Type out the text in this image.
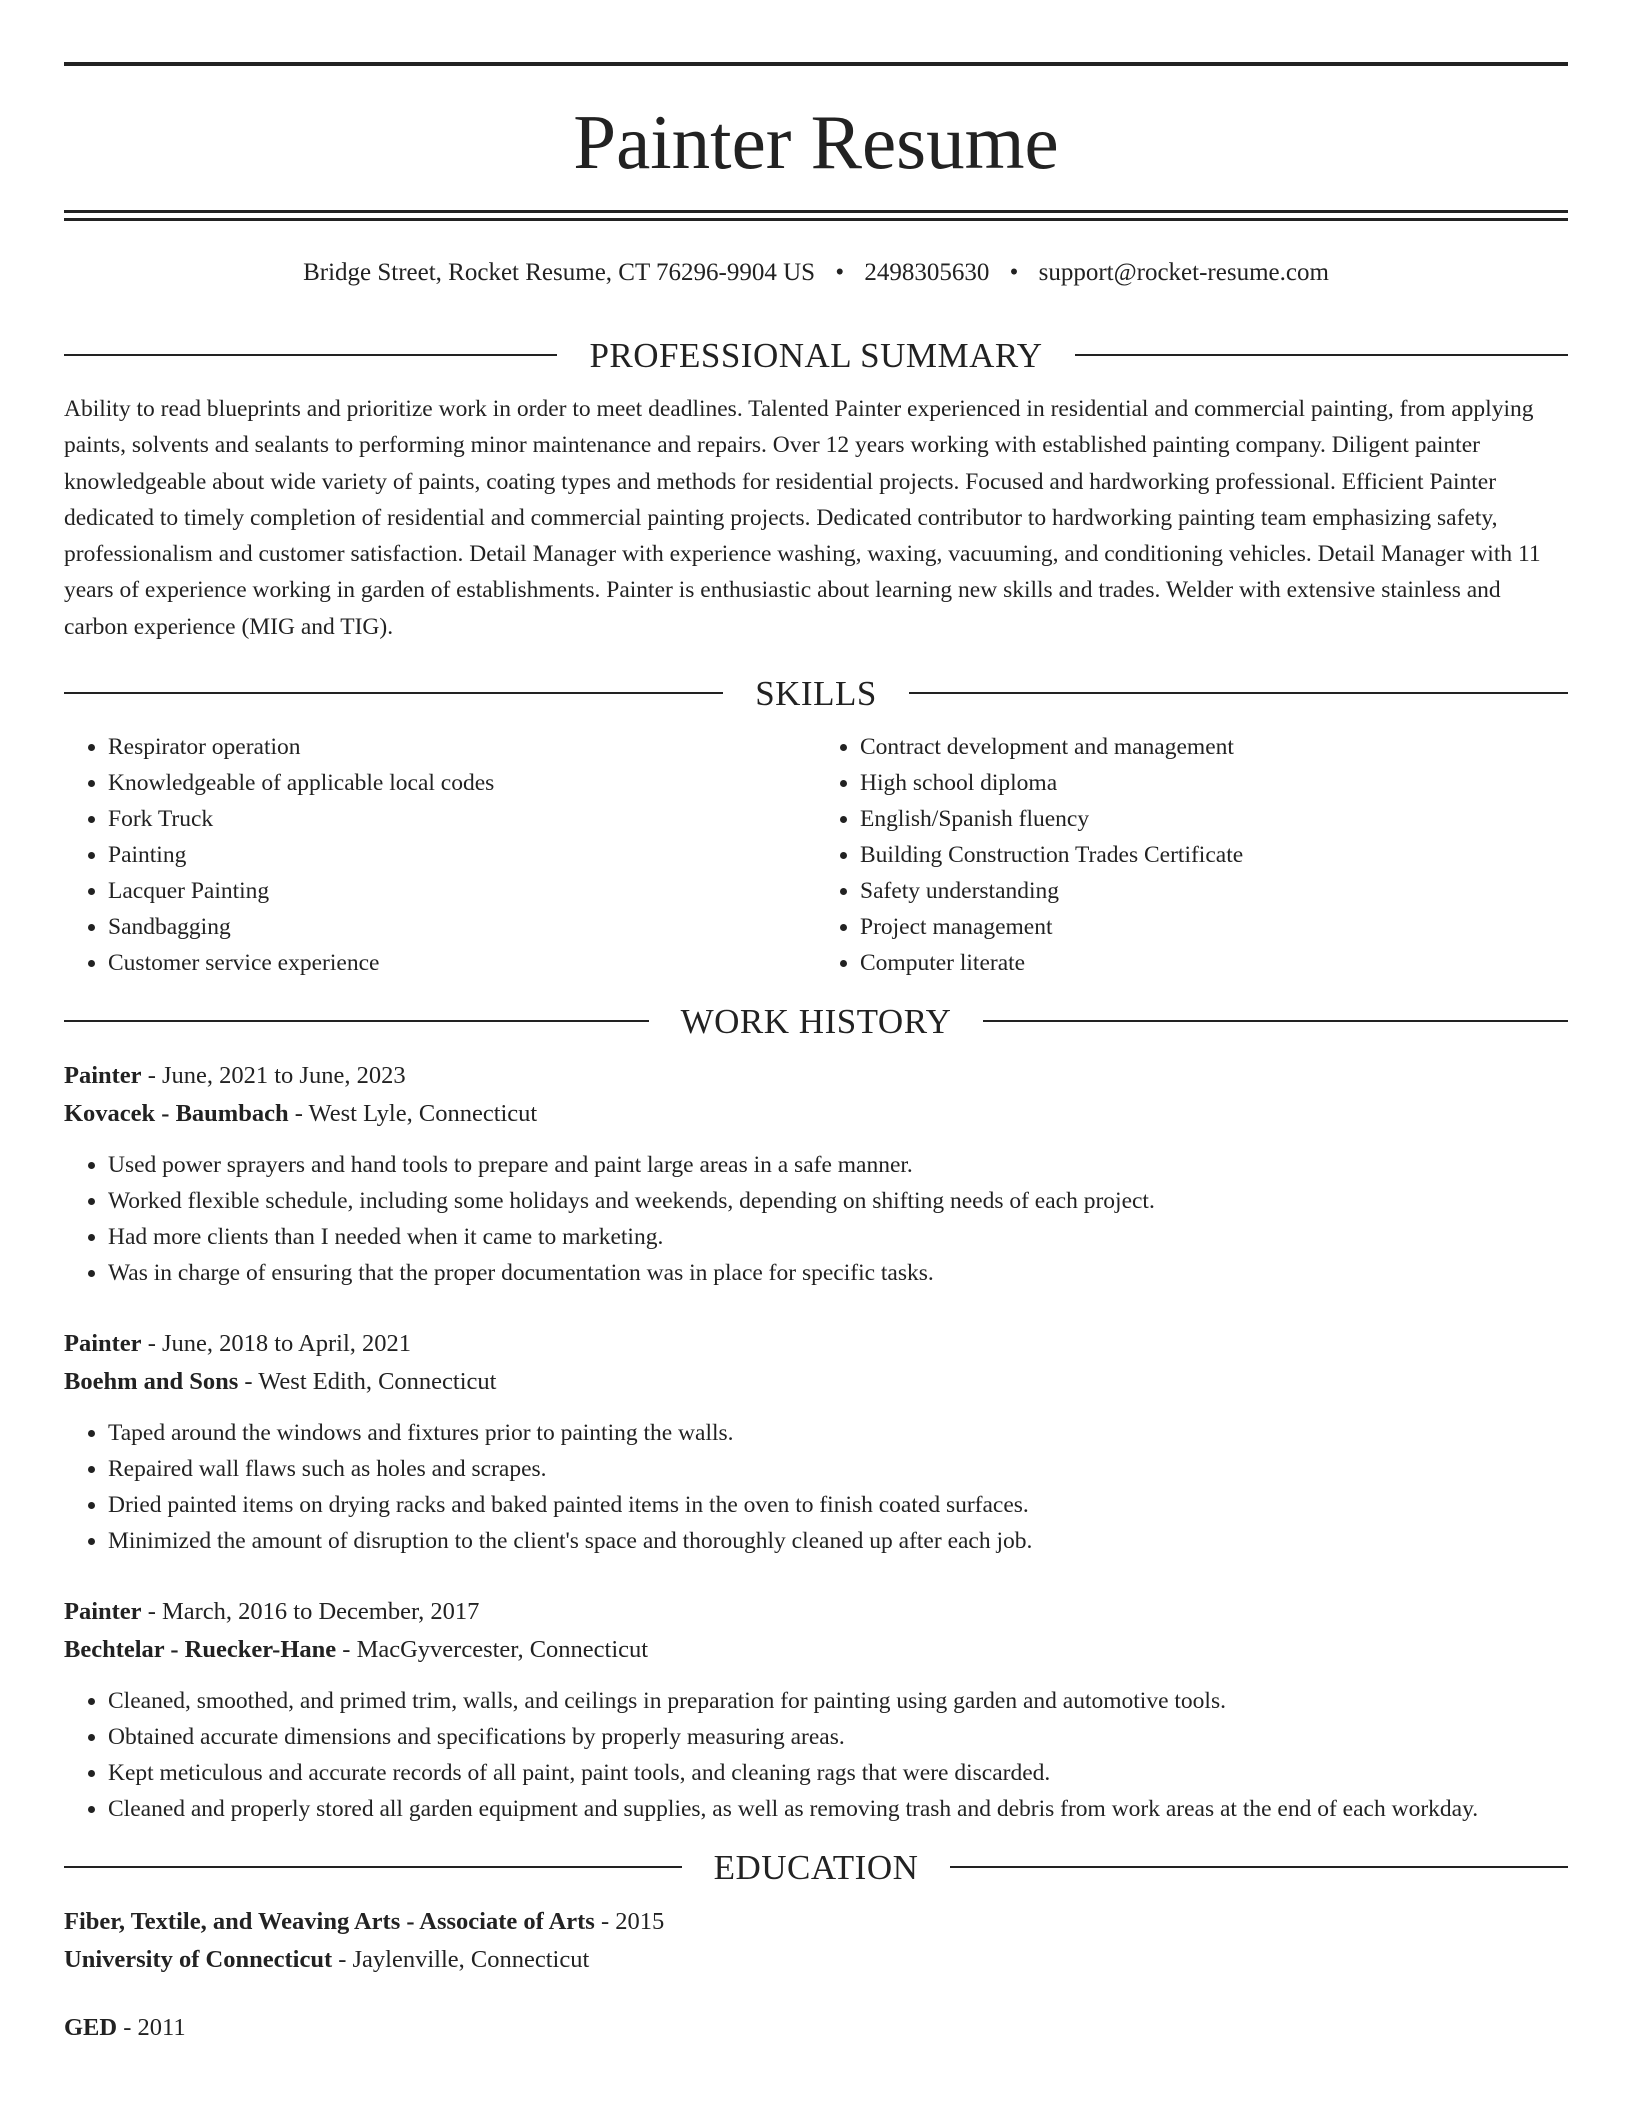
Painter Resume
Bridge Street, Rocket Resume, CT 76296-9904 US • 2498305630 • support@rocket-resume.com
PROFESSIONAL SUMMARY
Ability to read blueprints and prioritize work in order to meet deadlines. Talented Painter experienced in residential and commercial painting, from applying paints, solvents and sealants to performing minor maintenance and repairs. Over 12 years working with established painting company. Diligent painter knowledgeable about wide variety of paints, coating types and methods for residential projects. Focused and hardworking professional. Efficient Painter dedicated to timely completion of residential and commercial painting projects. Dedicated contributor to hardworking painting team emphasizing safety, professionalism and customer satisfaction. Detail Manager with experience washing, waxing, vacuuming, and conditioning vehicles. Detail Manager with 11 years of experience working in garden of establishments. Painter is enthusiastic about learning new skills and trades. Welder with extensive stainless and carbon experience (MIG and TIG).
SKILLS
• Respirator operation
• Knowledgeable of applicable local codes
• Fork Truck
• Painting
• Lacquer Painting
• Sandbagging
• Customer service experience
• Contract development and management
• High school diploma
• English/Spanish fluency
• Building Construction Trades Certificate
• Safety understanding
• Project management
• Computer literate
WORK HISTORY
Painter - June, 2021 to June, 2023
Kovacek - Baumbach - West Lyle, Connecticut
• Used power sprayers and hand tools to prepare and paint large areas in a safe manner.
• Worked flexible schedule, including some holidays and weekends, depending on shifting needs of each project.
• Had more clients than I needed when it came to marketing.
• Was in charge of ensuring that the proper documentation was in place for specific tasks.
Painter - June, 2018 to April, 2021
Boehm and Sons - West Edith, Connecticut
• Taped around the windows and fixtures prior to painting the walls.
• Repaired wall flaws such as holes and scrapes.
• Dried painted items on drying racks and baked painted items in the oven to finish coated surfaces.
• Minimized the amount of disruption to the client's space and thoroughly cleaned up after each job.
Painter - March, 2016 to December, 2017
Bechtelar - Ruecker-Hane - MacGyvercester, Connecticut
• Cleaned, smoothed, and primed trim, walls, and ceilings in preparation for painting using garden and automotive tools.
• Obtained accurate dimensions and specifications by properly measuring areas.
• Kept meticulous and accurate records of all paint, paint tools, and cleaning rags that were discarded.
• Cleaned and properly stored all garden equipment and supplies, as well as removing trash and debris from work areas at the end of each workday.
EDUCATION
Fiber, Textile, and Weaving Arts - Associate of Arts - 2015
University of Connecticut - Jaylenville, Connecticut
GED - 2011
